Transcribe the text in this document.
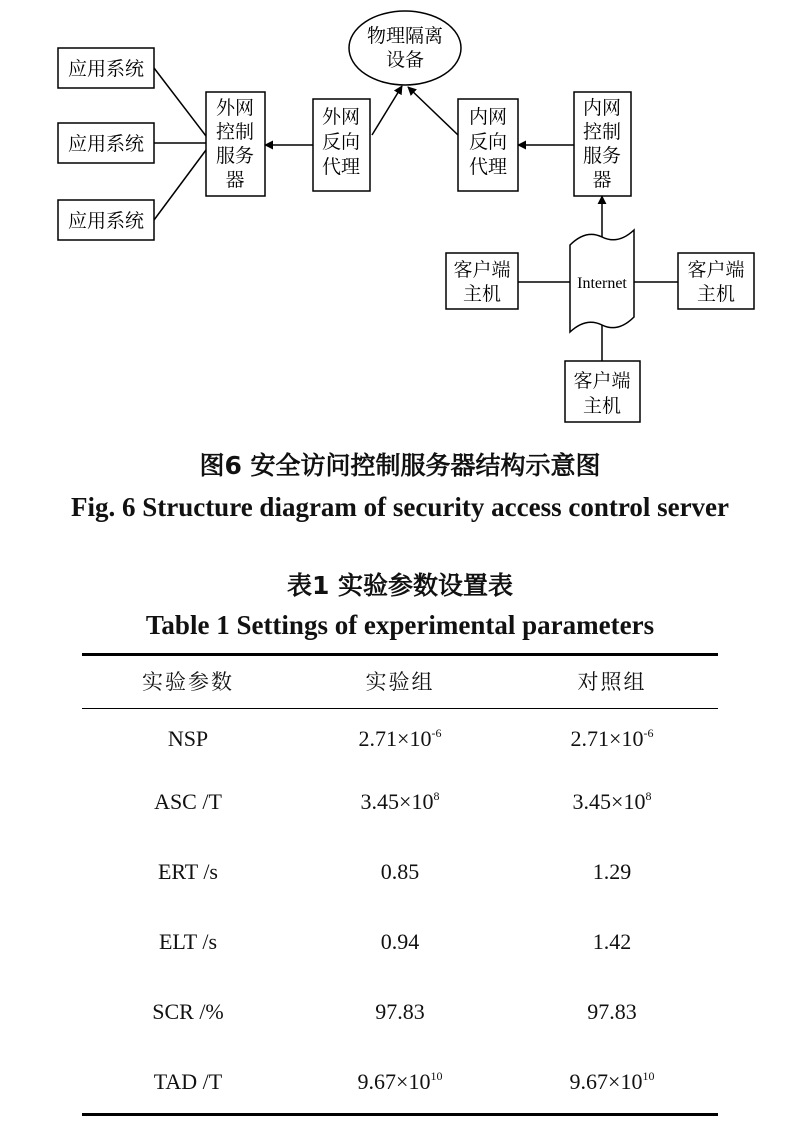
应用系统
应用系统
应用系统
外网
控制
服务
器
外网
反向
代理
物理隔离
设备
内网
反向
代理
内网
控制
服务
器
客户端
主机
客户端
主机
客户端
主机
Internet
图6 安全访问控制服务器结构示意图
Fig. 6 Structure diagram of security access control server
表1 实验参数设置表
Table 1 Settings of experimental parameters
实验参数	实验组	对照组
NSP	$2.71\times 10^{-6}$	$2.71\times 10^{-6}$
ASC /T	$3.45\times 10^8$	$3.45\times 10^8$
ERT /s	0.85	1.29
ELT /s	0.94	1.42
SCR /%	97.83	97.83
TAD /T	$9.67\times 10^{10}$	$9.67\times 10^{10}$
